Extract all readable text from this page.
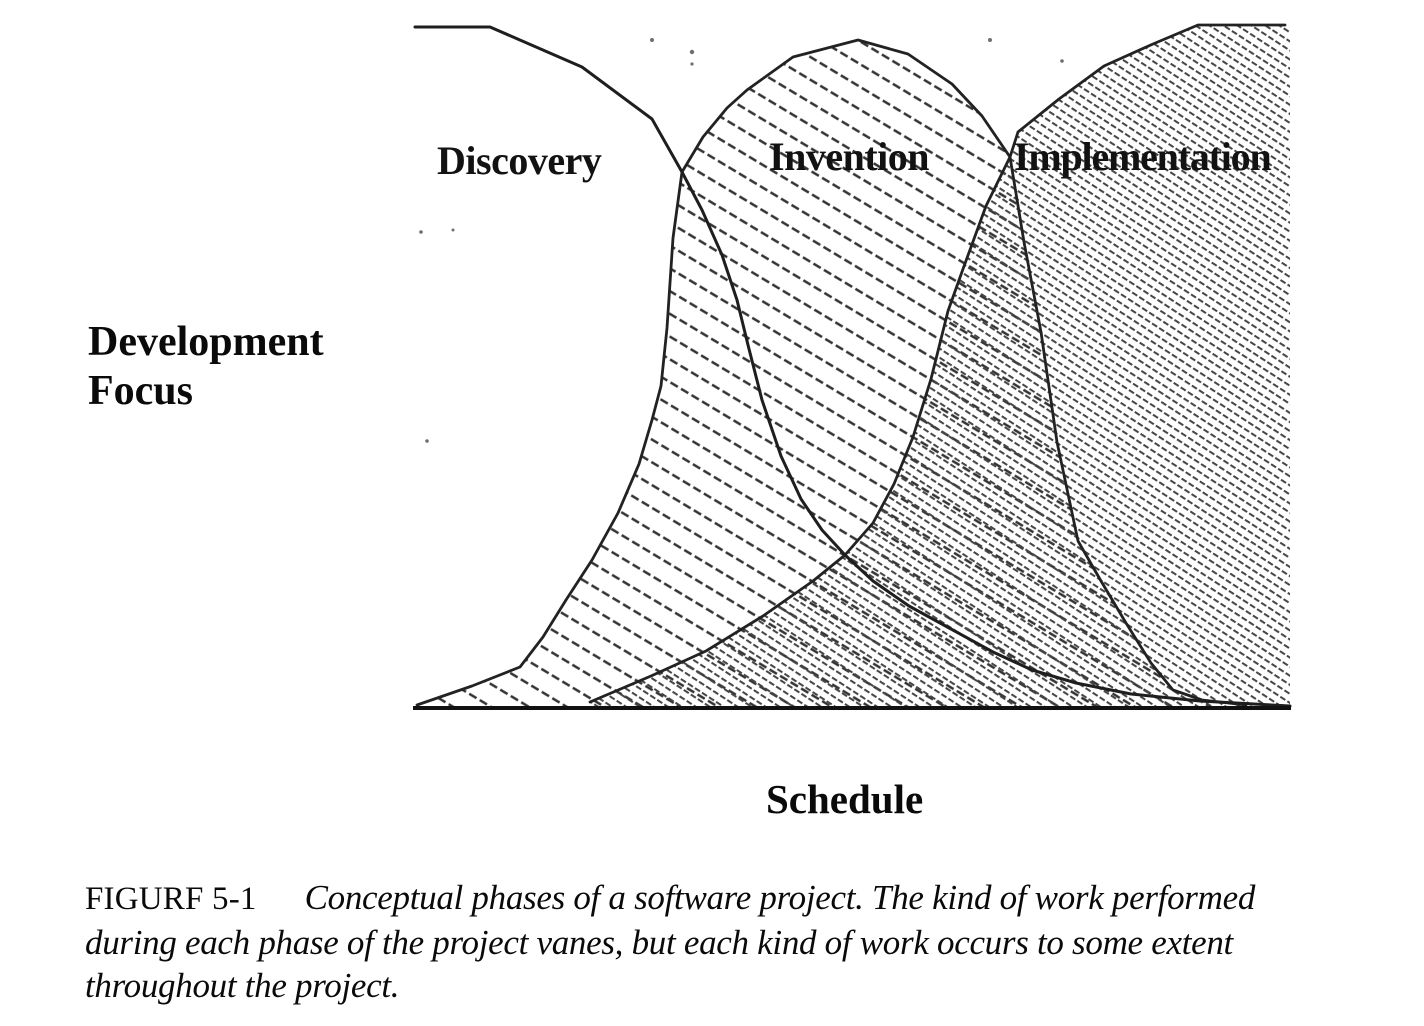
Discovery	Invention Implementation
Development
Focus
Schedule
FIGURF 5-1 Conceptual phases of a software project. The kind of work performed
during each phase of the project vanes, but each kind of work occurs to some extent
throughout the project.
